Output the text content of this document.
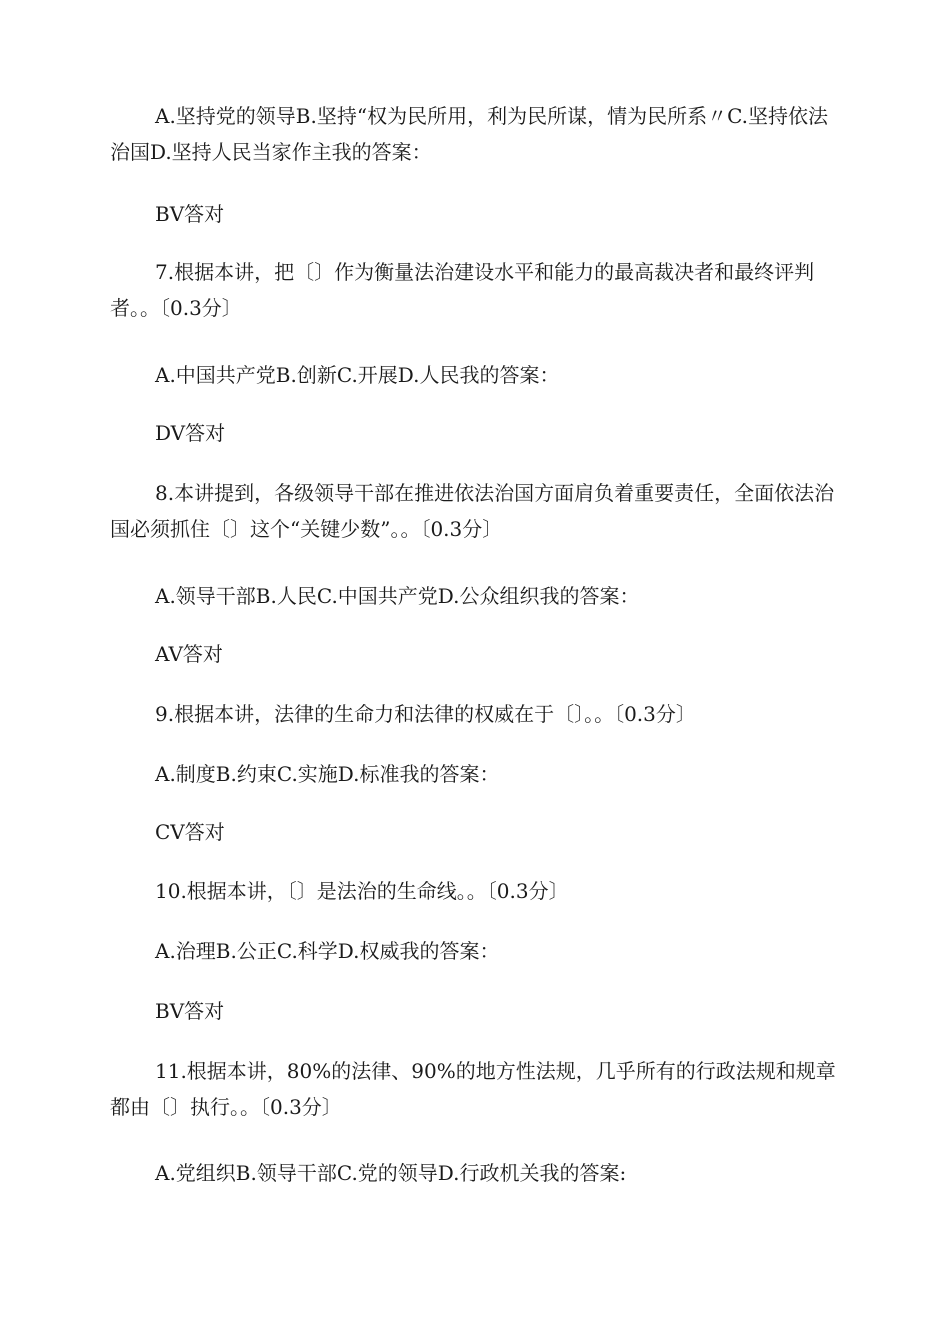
A.坚持党的领导B.坚持“权为民所用，利为民所谋，情为民所系〃C.坚持依法治国D.坚持人民当家作主我的答案：

BV答对

7.根据本讲，把〔〕作为衡量法治建设水平和能力的最高裁决者和最终评判者。。〔0.3分〕

A.中国共产党B.创新C.开展D.人民我的答案：

DV答对

8.本讲提到，各级领导干部在推进依法治国方面肩负着重要责任，全面依法治国必须抓住〔〕这个“关键少数”。。〔0.3分〕

A.领导干部B.人民C.中国共产党D.公众组织我的答案：

AV答对

9.根据本讲，法律的生命力和法律的权威在于〔〕。。〔0.3分〕

A.制度B.约束C.实施D.标准我的答案：

CV答对

10.根据本讲，〔〕是法治的生命线。。〔0.3分〕

A.治理B.公正C.科学D.权威我的答案：

BV答对

11.根据本讲，80%的法律、90%的地方性法规，几乎所有的行政法规和规章都由〔〕执行。。〔0.3分〕

A.党组织B.领导干部C.党的领导D.行政机关我的答案:
